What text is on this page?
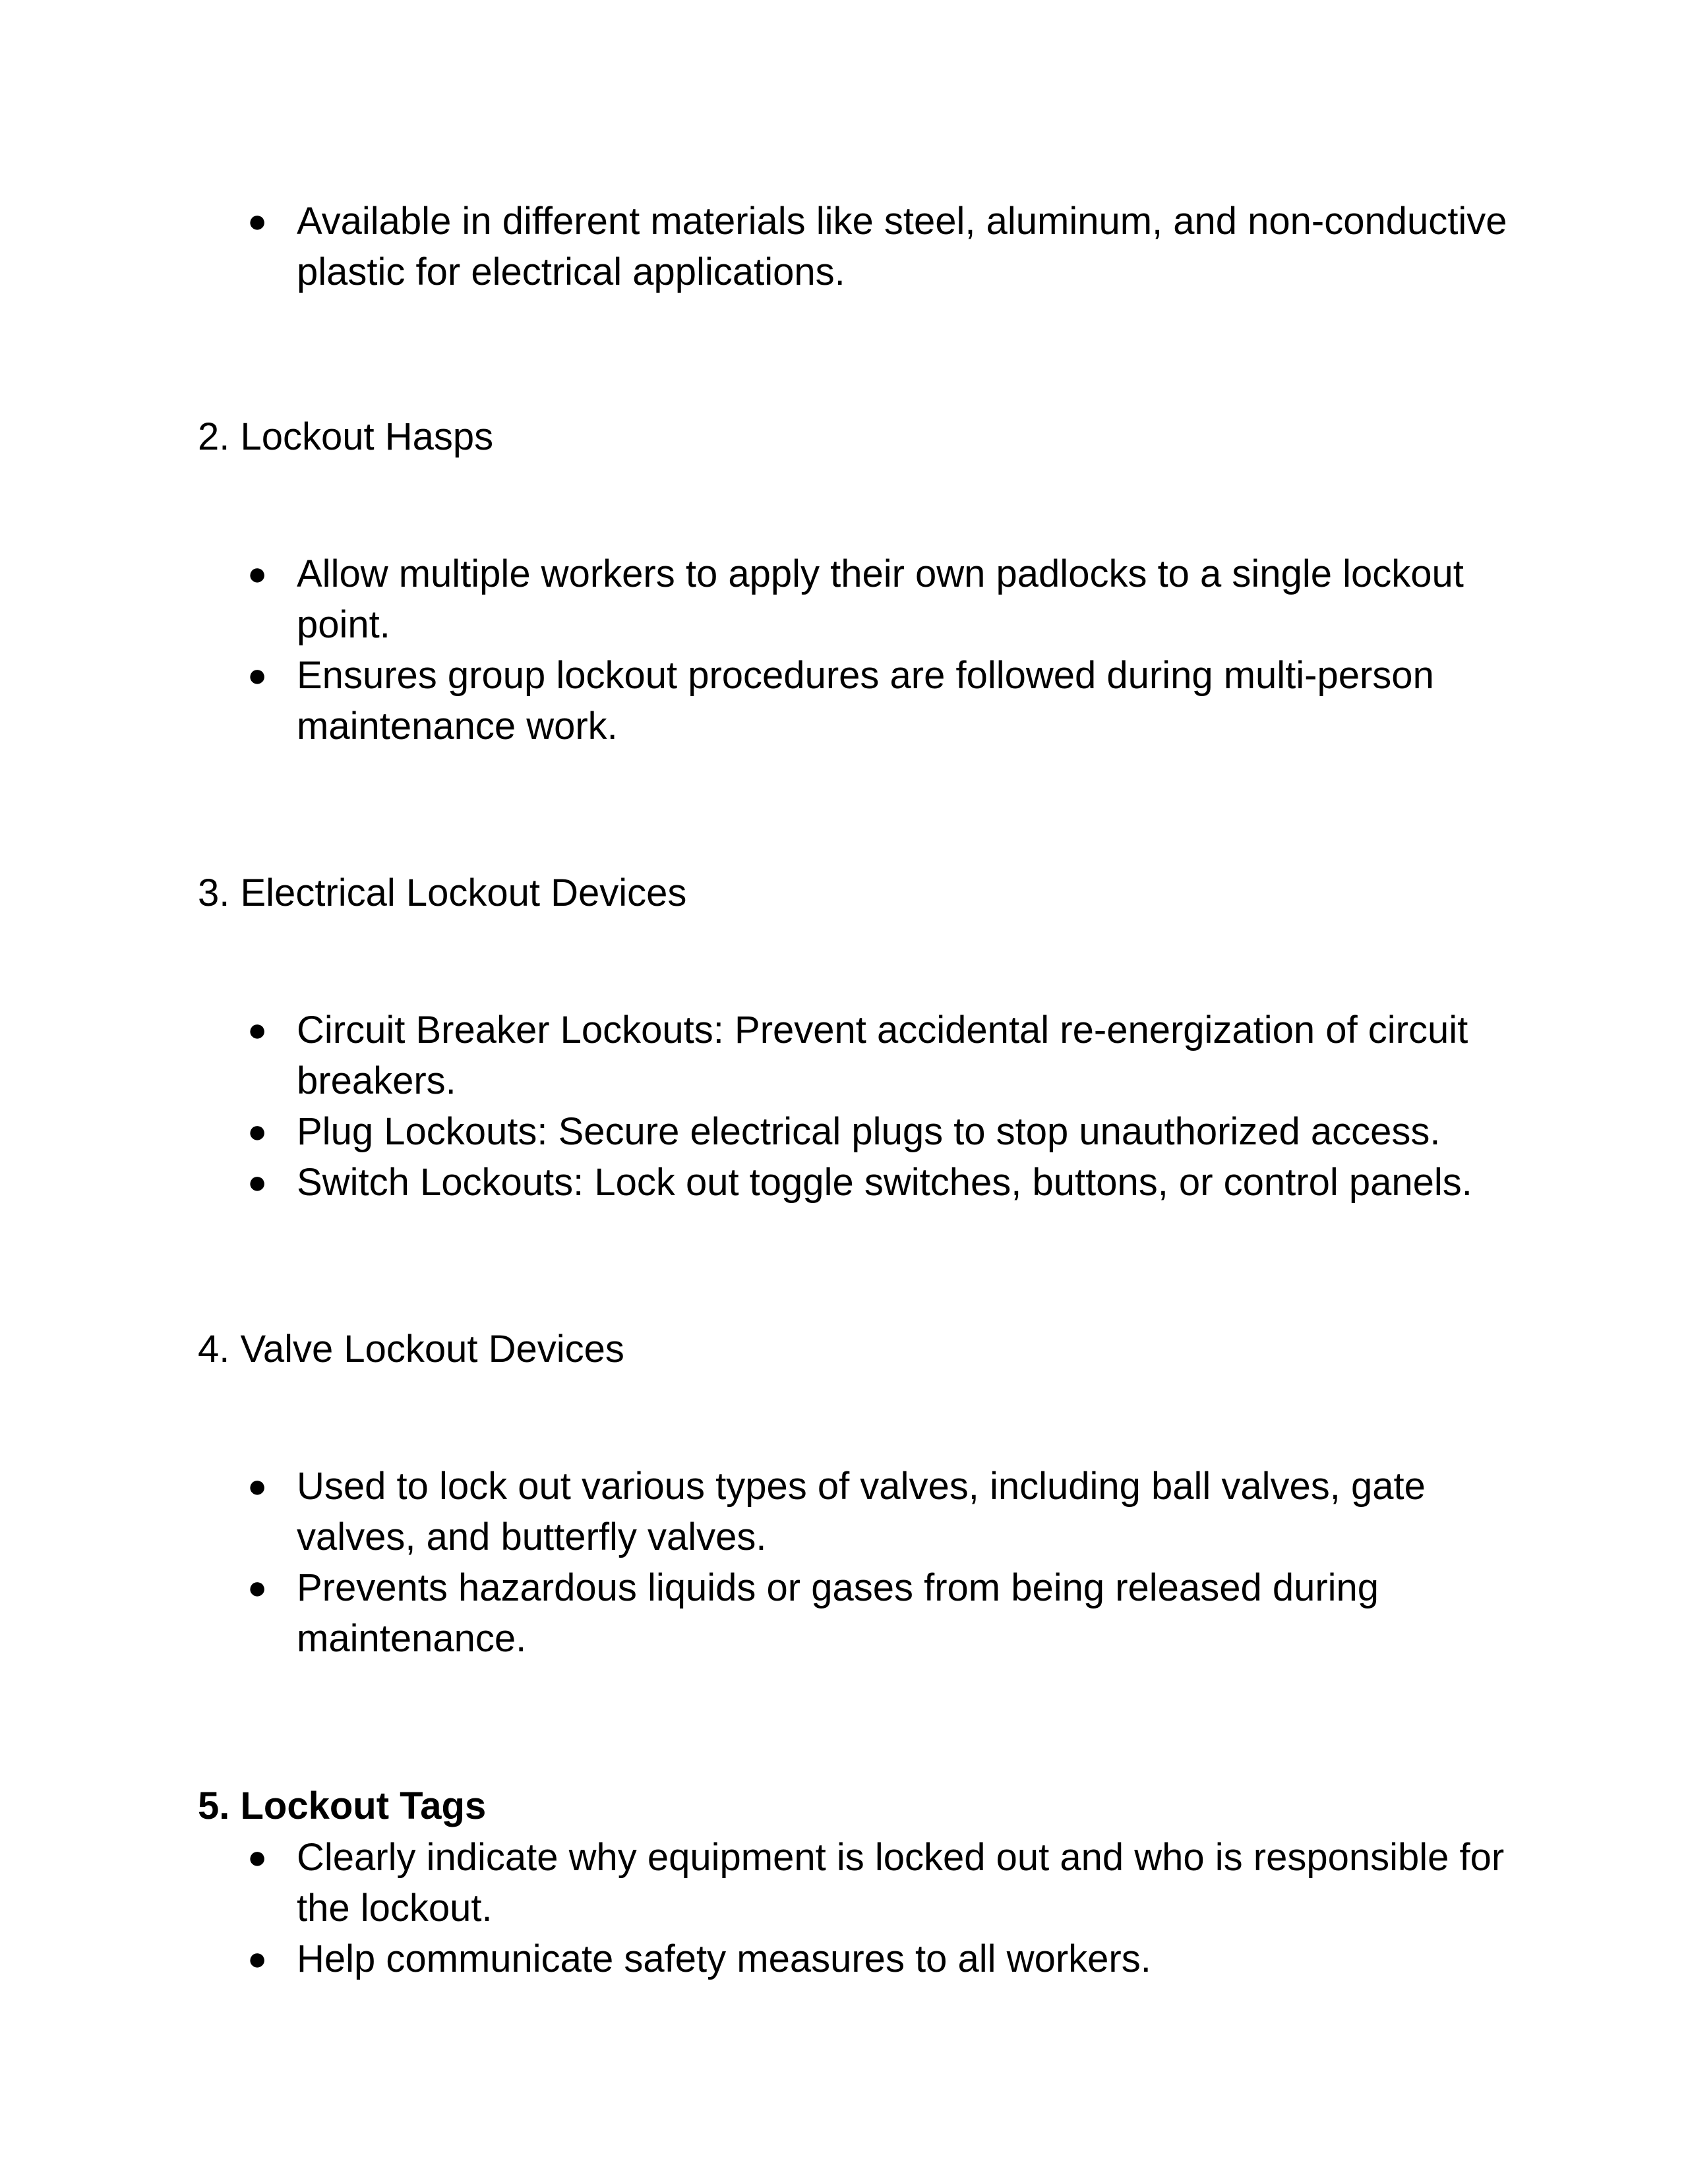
● Available in different materials like steel, aluminum, and non-conductive plastic for electrical applications.
2. Lockout Hasps
● Allow multiple workers to apply their own padlocks to a single lockout point.
● Ensures group lockout procedures are followed during multi-person maintenance work.
3. Electrical Lockout Devices
● Circuit Breaker Lockouts: Prevent accidental re-energization of circuit breakers.
● Plug Lockouts: Secure electrical plugs to stop unauthorized access.
● Switch Lockouts: Lock out toggle switches, buttons, or control panels.
4. Valve Lockout Devices
● Used to lock out various types of valves, including ball valves, gate valves, and butterfly valves.
● Prevents hazardous liquids or gases from being released during maintenance.
5. Lockout Tags
● Clearly indicate why equipment is locked out and who is responsible for the lockout.
● Help communicate safety measures to all workers.
